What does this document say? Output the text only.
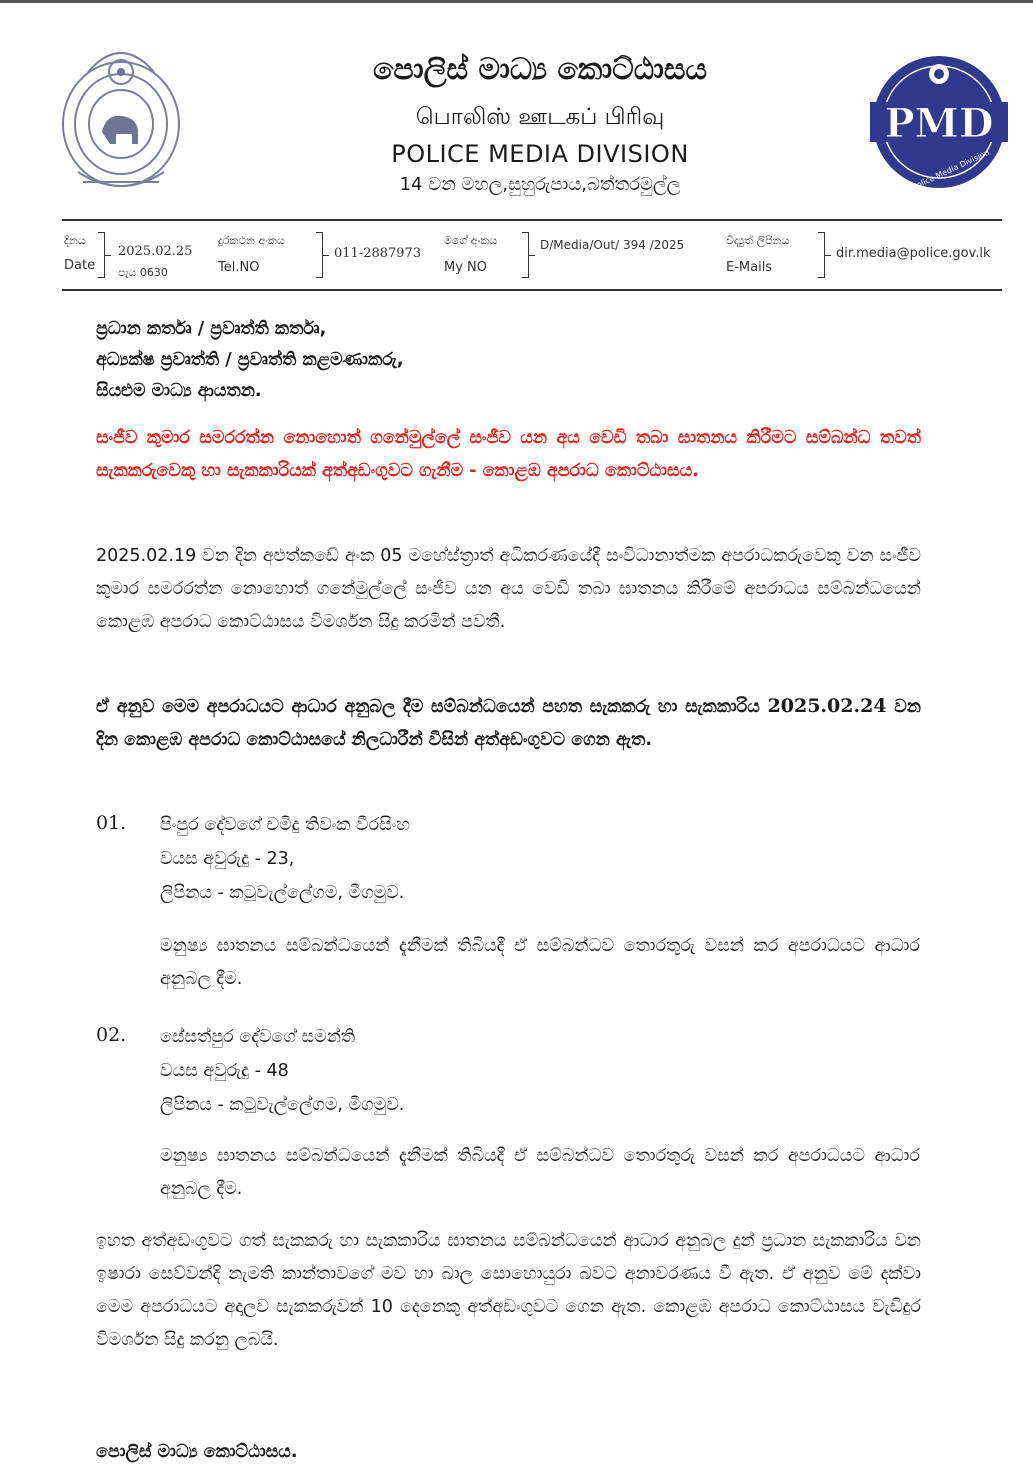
පොලිස් මාධ්‍ය කොට්ඨාසය
பொலிஸ் ஊடகப் பிரிவு
POLICE MEDIA DIVISION
14 වන මහල,සුහුරුපාය,බත්තරමුල්ල
PMD
Police Media Division
දිනය
Date
2025.02.25
පැය 0630
දුරකථන අංකය
Tel.NO
011-2887973
මගේ අංකය
My NO
D/Media/Out/ 394 /2025	විද්‍යුත් ලිපිනය
E-Mails
dir.media@police.gov.lk
ප්‍රධාන කර්තෘ / ප්‍රවෘත්ති කර්තෘ,
අධ්‍යක්ෂ ප්‍රවෘත්ති / ප්‍රවෘත්ති කළමණාකරු,
සියළුම මාධ්‍ය ආයතන.
සංජීව කුමාර සමරරත්න නොහොත් ගනේමුල්ලේ සංජීව යන අය වෙඩි තබා ඝාතනය කිරීමට සම්බන්ධ තවත් සැකකරුවෙකු හා සැකකාරියක් අත්අඩංගුවට ගැනීම - කොළඹ අපරාධ කොට්ඨාසය.
2025.02.19 වන දින අළුත්කඩේ අංක 05 මහේස්ත්‍රාත් අධිකරණයේදී සංවිධානාත්මක අපරාධකරුවෙකු වන සංජීව කුමාර සමරරත්න නොහොත් ගනේමුල්ලේ සංජීව යන අය වෙඩි තබා ඝාතනය කිරීමේ අපරාධය සම්බන්ධයෙන් කොළඹ අපරාධ කොට්ඨාසය විමර්ශන සිදු කරමින් පවතී.
ඒ අනුව මෙම අපරාධයට ආධාර අනුබල දීම සම්බන්ධයෙන් පහත සැකකරු හා සැකකාරිය 2025.02.24 වන දින කොළඹ අපරාධ කොට්ඨාසයේ නිලධාරීන් විසින් අත්අඩංගුවට ගෙන ඇත.
01. පිංපුර දේවගේ චමිදු තිවංක වීරසිංහ
වයස අවුරුදු - 23,
ලිපිනය - කටුවැල්ලේගම, මීගමුව.
මනුෂ්‍ය ඝාතනය සම්බන්ධයෙන් දැනීමක් තිබියදී ඒ සම්බන්ධව තොරතුරු වසන් කර අපරාධයට ආධාර අනුබල දීම.
02. සේසත්පුර දේවගේ සමන්ති
වයස අවුරුදු - 48
ලිපිනය - කටුවැල්ලේගම, මීගමුව.
මනුෂ්‍ය ඝාතනය සම්බන්ධයෙන් දැනීමක් තිබියදී ඒ සම්බන්ධව තොරතුරු වසන් කර අපරාධයට ආධාර අනුබල දීම.
ඉහත අත්අඩංගුවට ගත් සැකකරු හා සැකකාරිය ඝාතනය සම්බන්ධයෙන් ආධාර අනුබල දුන් ප්‍රධාන සැකකාරිය වන ඉෂාරා සෙව්වන්දි නැමති කාන්තාවගේ මව හා බාල සොහොයුරා බවට අනාවරණය වී ඇත. ඒ අනුව මේ දක්වා මෙම අපරාධයට අදාලව සැකකරුවන් 10 දෙනෙකු අත්අඩංගුවට ගෙන ඇත. කොළඹ අපරාධ කොට්ඨාසය වැඩිදුර විමර්ශන සිදු කරනු ලබයි.
පොලිස් මාධ්‍ය කොට්ඨාසය.
